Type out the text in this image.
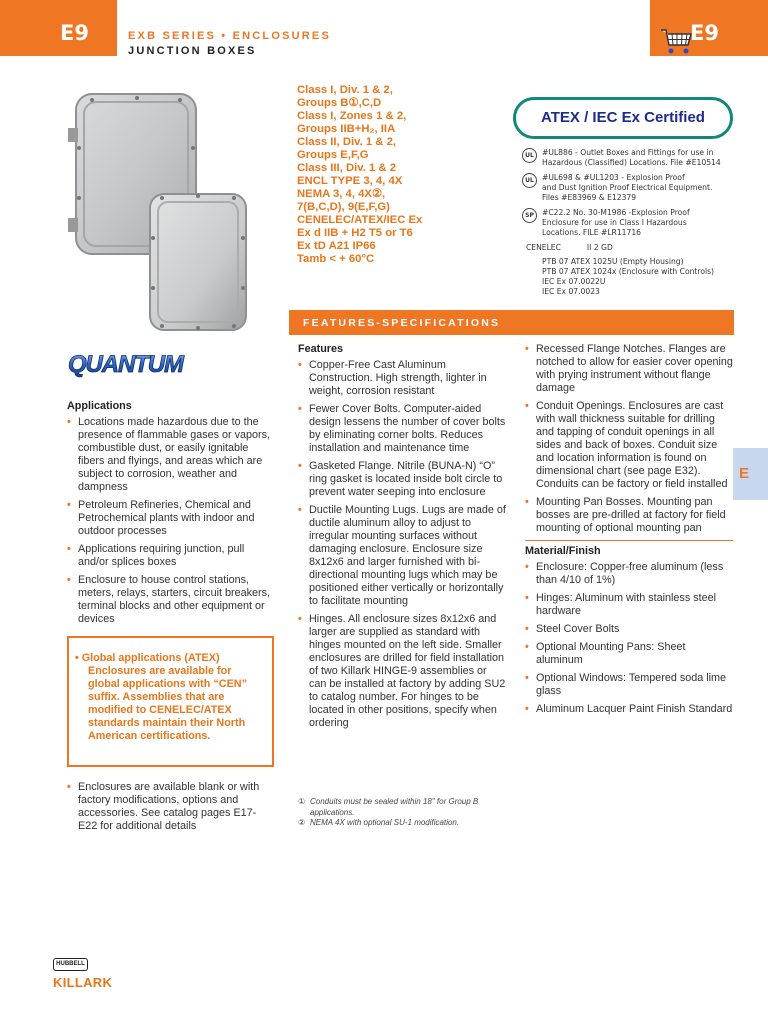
E9	E9
EXB SERIES • ENCLOSURES
JUNCTION BOXES
Class I, Div. 1 & 2,
Groups B①,C,D
Class I, Zones 1 & 2,
Groups IIB+H₂, IIA
Class II, Div. 1 & 2,
Groups E,F,G
Class III, Div. 1 & 2
ENCL TYPE 3, 4, 4X
NEMA 3, 4, 4X②,
7(B,C,D), 9(E,F,G)
CENELEC/ATEX/IEC Ex
Ex d IIB + H2 T5 or T6
Ex tD A21 IP66
Tamb < + 60°C
ATEX / IEC Ex Certified
UL	#UL886 - Outlet Boxes and Fittings for use in
Hazardous (Classified) Locations. File #E10514
UL	#UL698 & #UL1203 - Explosion Proof
and Dust Ignition Proof Electrical Equipment.
Files #E83969 & E12379
SP	#C22.2 No. 30-M1986 -Explosion Proof
Enclosure for use in Class I Hazardous
Locations. FILE #LR11716
CENELEC	II 2 GD
PTB 07 ATEX 1025U (Empty Housing)
PTB 07 ATEX 1024x (Enclosure with Controls)
IEC Ex 07.0022U
IEC Ex 07.0023
FEATURES-SPECIFICATIONS
QUANTUM
Applications
• Locations made hazardous due to the presence of flammable gases or vapors, combustible dust, or easily ignitable fibers and flyings, and areas which are subject to corrosion, weather and dampness
• Petroleum Refineries, Chemical and Petrochemical plants with indoor and outdoor processes
• Applications requiring junction, pull and/or splices boxes
• Enclosure to house control stations, meters, relays, starters, circuit breakers, terminal blocks and other equipment or devices
• Global applications (ATEX)
Enclosures are available for global applications with “CEN” suffix. Assemblies that are modified to CENELEC/ATEX standards maintain their North American certifications.
• Enclosures are available blank or with factory modifications, options and accessories. See catalog pages E17-E22 for additional details
Features
• Copper-Free Cast Aluminum Construction. High strength, lighter in weight, corrosion resistant
• Fewer Cover Bolts. Computer-aided design lessens the number of cover bolts by eliminating corner bolts. Reduces installation and maintenance time
• Gasketed Flange. Nitrile (BUNA-N) “O” ring gasket is located inside bolt circle to prevent water seeping into enclosure
• Ductile Mounting Lugs. Lugs are made of ductile aluminum alloy to adjust to irregular mounting surfaces without damaging enclosure. Enclosure size 8x12x6 and larger furnished with bi-directional mounting lugs which may be positioned either vertically or horizontally to facilitate mounting
• Hinges. All enclosure sizes 8x12x6 and larger are supplied as standard with hinges mounted on the left side. Smaller enclosures are drilled for field installation of two Killark HINGE-9 assemblies or can be installed at factory by adding SU2 to catalog number. For hinges to be located in other positions, specify when ordering
① Conduits must be sealed within 18" for Group B applications.
② NEMA 4X with optional SU-1 modification.
• Recessed Flange Notches. Flanges are notched to allow for easier cover opening with prying instrument without flange damage
• Conduit Openings. Enclosures are cast with wall thickness suitable for drilling and tapping of conduit openings in all sides and back of boxes. Conduit size and location information is found on dimensional chart (see page E32). Conduits can be factory or field installed
• Mounting Pan Bosses. Mounting pan bosses are pre-drilled at factory for field mounting of optional mounting pan
Material/Finish
• Enclosure: Copper-free aluminum (less than 4/10 of 1%)
• Hinges: Aluminum with stainless steel hardware
• Steel Cover Bolts
• Optional Mounting Pans: Sheet aluminum
• Optional Windows: Tempered soda lime glass
• Aluminum Lacquer Paint Finish Standard
E
HUBBELL
KILLARK
